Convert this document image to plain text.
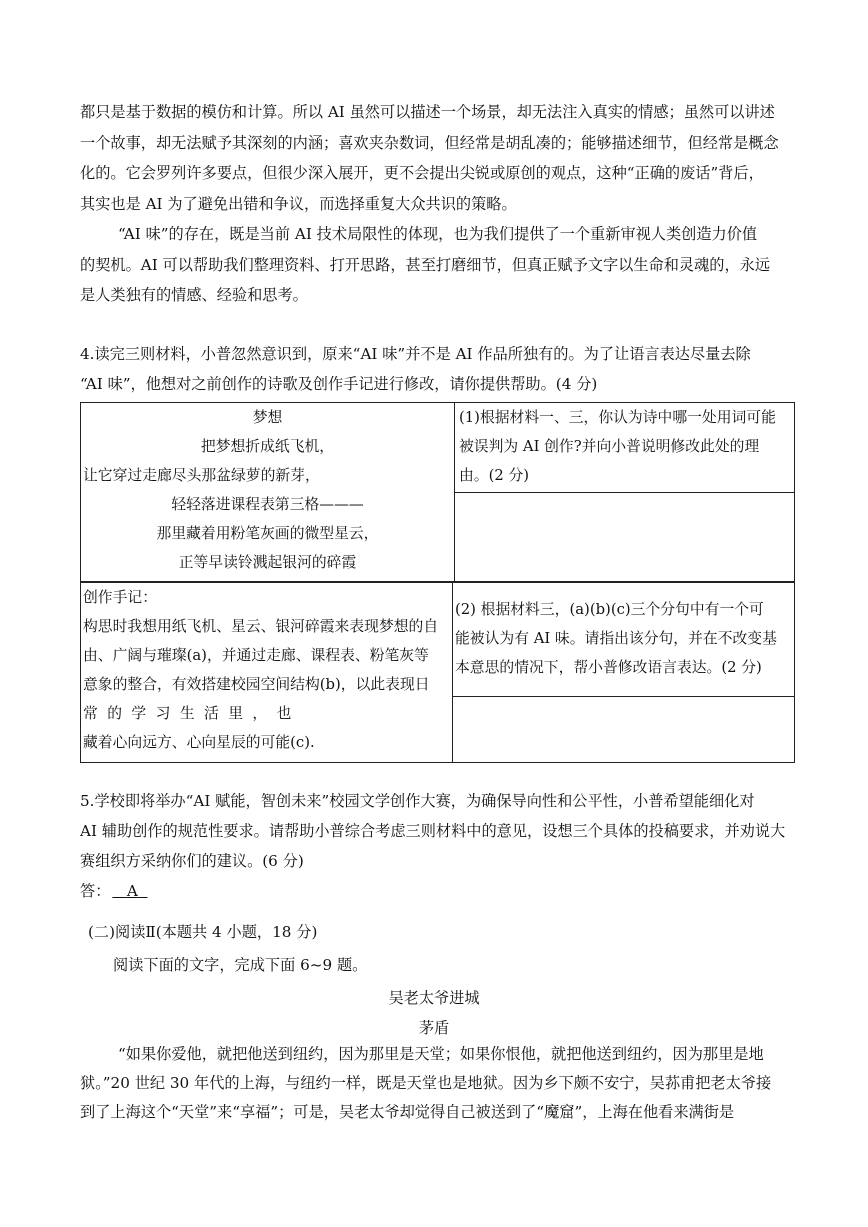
都只是基于数据的模仿和计算。所以 AI 虽然可以描述一个场景，却无法注入真实的情感；虽然可以讲述
一个故事，却无法赋予其深刻的内涵；喜欢夹杂数词，但经常是胡乱凑的；能够描述细节，但经常是概念
化的。它会罗列许多要点，但很少深入展开，更不会提出尖锐或原创的观点，这种“正确的废话”背后，
其实也是 AI 为了避免出错和争议，而选择重复大众共识的策略。
“AI 味”的存在，既是当前 AI 技术局限性的体现，也为我们提供了一个重新审视人类创造力价值
的契机。AI 可以帮助我们整理资料、打开思路，甚至打磨细节，但真正赋予文字以生命和灵魂的，永远
是人类独有的情感、经验和思考。
4.读完三则材料，小普忽然意识到，原来“AI 味”并不是 AI 作品所独有的。为了让语言表达尽量去除
“AI 味”，他想对之前创作的诗歌及创作手记进行修改，请你提供帮助。(4 分)
梦想
把梦想折成纸飞机，
让它穿过走廊尽头那盆绿萝的新芽，
轻轻落进课程表第三格———
那里藏着用粉笔灰画的微型星云，
正等早读铃溅起银河的碎霞
(1)根据材料一、三，你认为诗中哪一处用词可能
被误判为 AI 创作?并向小普说明修改此处的理
由。(2 分)
创作手记：
构思时我想用纸飞机、星云、银河碎霞来表现梦想的自
由、广阔与璀璨(a)，并通过走廊、课程表、粉笔灰等
意象的整合，有效搭建校园空间结构(b)，以此表现日
常  的  学  习  生  活  里  ，  也
藏着心向远方、心向星辰的可能(c).
(2) 根据材料三，(a)(b)(c)三个分句中有一个可
能被认为有 AI 味。请指出该分句，并在不改变基
本意思的情况下，帮小普修改语言表达。(2 分)
5.学校即将举办“AI 赋能，智创未来”校园文学创作大赛，为确保导向性和公平性，小普希望能细化对
AI 辅助创作的规范性要求。请帮助小普综合考虑三则材料中的意见，设想三个具体的投稿要求，并劝说大
赛组织方采纳你们的建议。(6 分)
答： A
(二)阅读Ⅱ(本题共 4 小题，18 分)
阅读下面的文字，完成下面 6~9 题。
吴老太爷进城
茅盾
“如果你爱他，就把他送到纽约，因为那里是天堂；如果你恨他，就把他送到纽约，因为那里是地
狱。”20 世纪 30 年代的上海，与纽约一样，既是天堂也是地狱。因为乡下颇不安宁，吴荪甫把老太爷接
到了上海这个“天堂”来“享福”；可是，吴老太爷却觉得自己被送到了“魔窟”，上海在他看来满街是
